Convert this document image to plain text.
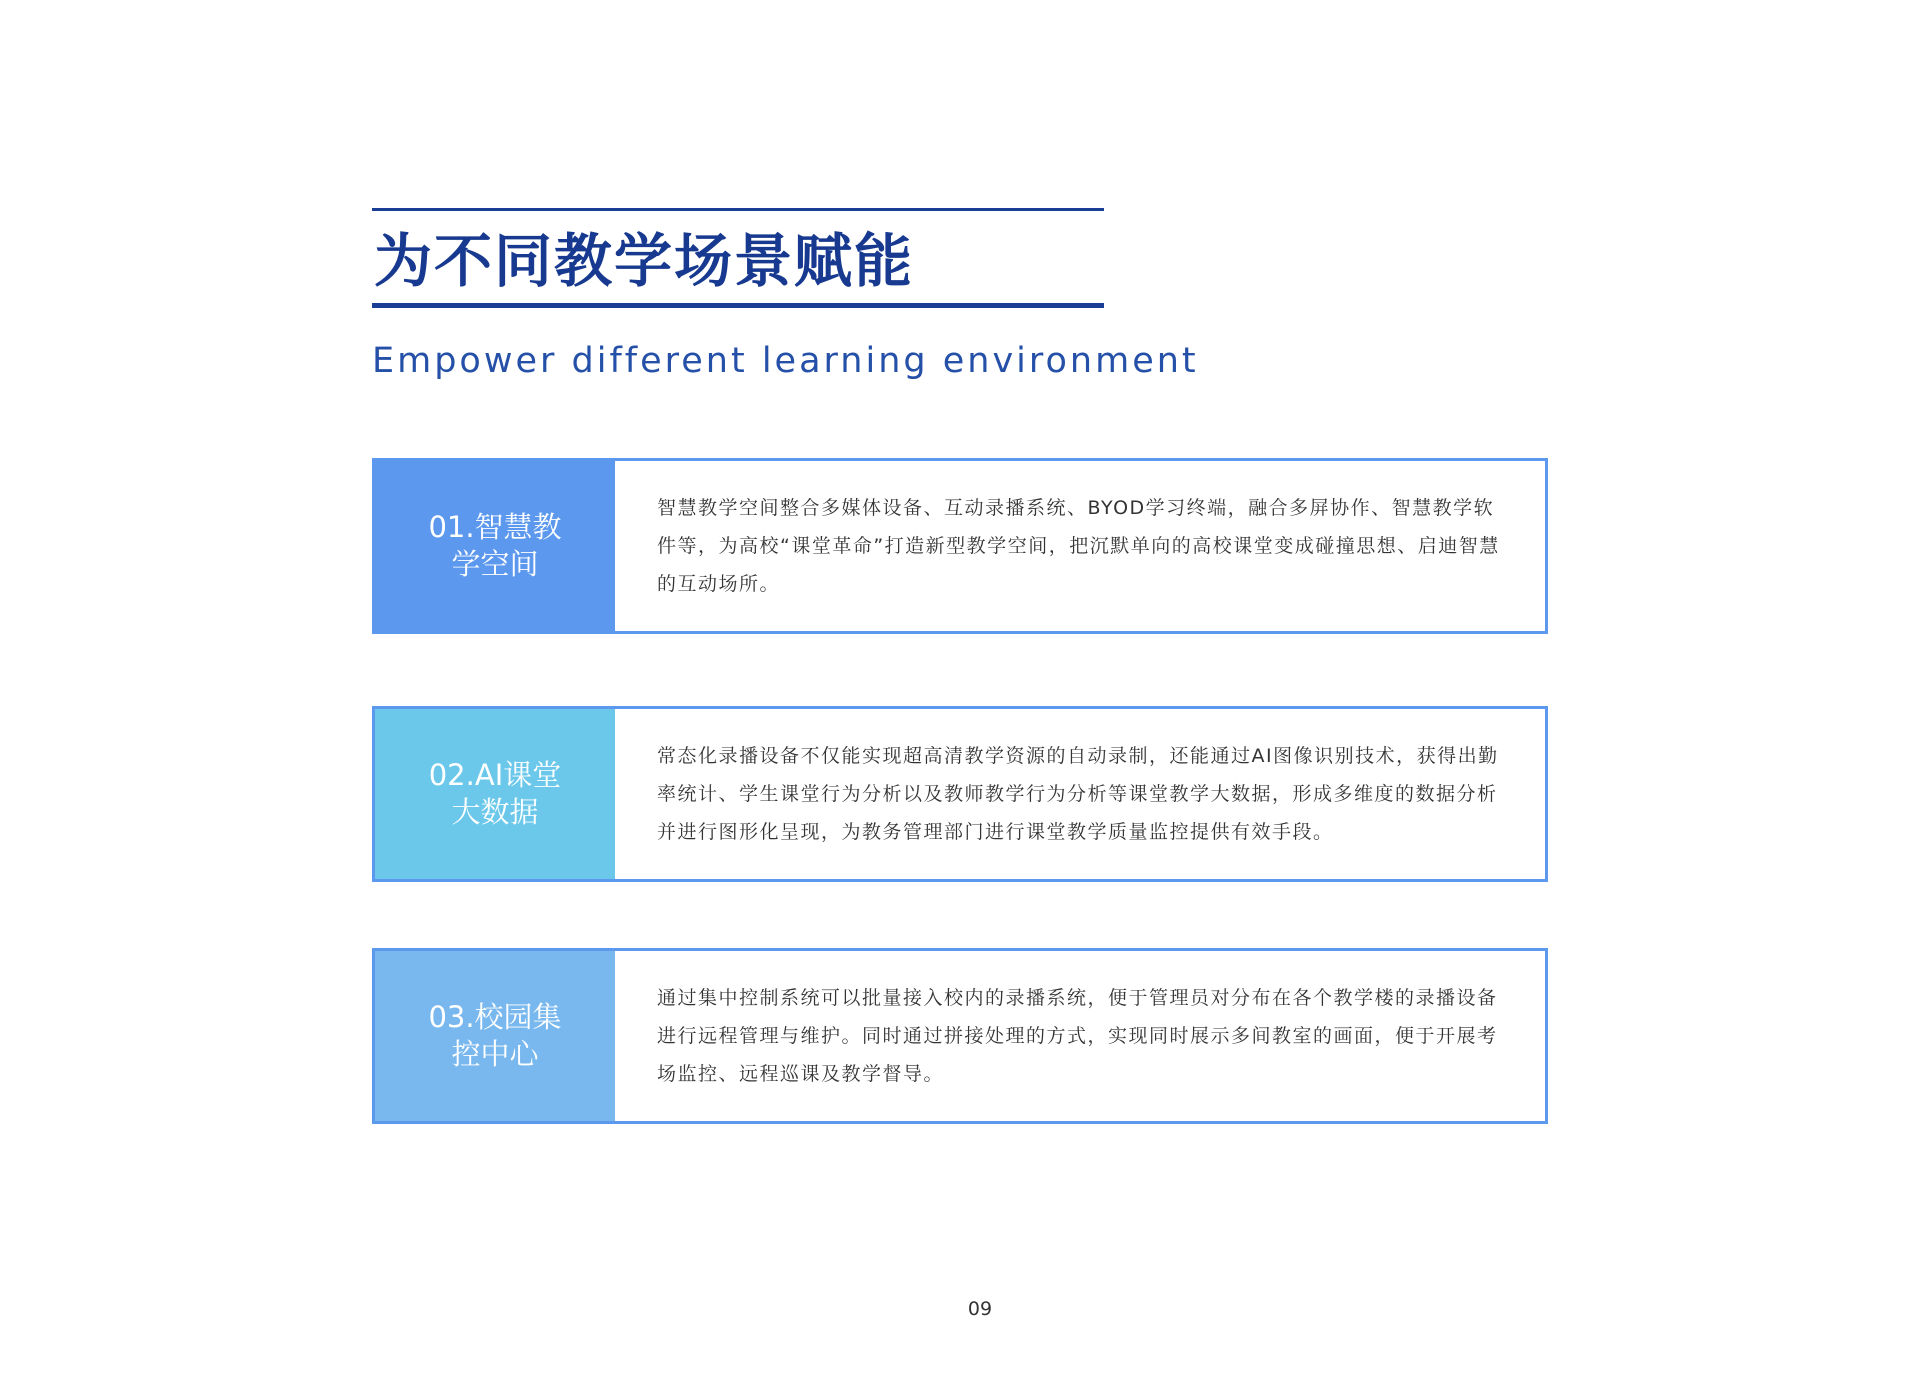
为不同教学场景赋能
Empower different learning environment
01.智慧教学空间

智慧教学空间整合多媒体设备、互动录播系统、BYOD学习终端，融合多屏协作、智慧教学软件等，为高校“课堂革命”打造新型教学空间，把沉默单向的高校课堂变成碰撞思想、启迪智慧的互动场所。

02.AI课堂大数据

常态化录播设备不仅能实现超高清教学资源的自动录制，还能通过AI图像识别技术，获得出勤率统计、学生课堂行为分析以及教师教学行为分析等课堂教学大数据，形成多维度的数据分析并进行图形化呈现，为教务管理部门进行课堂教学质量监控提供有效手段。

03.校园集控中心

通过集中控制系统可以批量接入校内的录播系统，便于管理员对分布在各个教学楼的录播设备进行远程管理与维护。同时通过拼接处理的方式，实现同时展示多间教室的画面，便于开展考场监控、远程巡课及教学督导。

09
